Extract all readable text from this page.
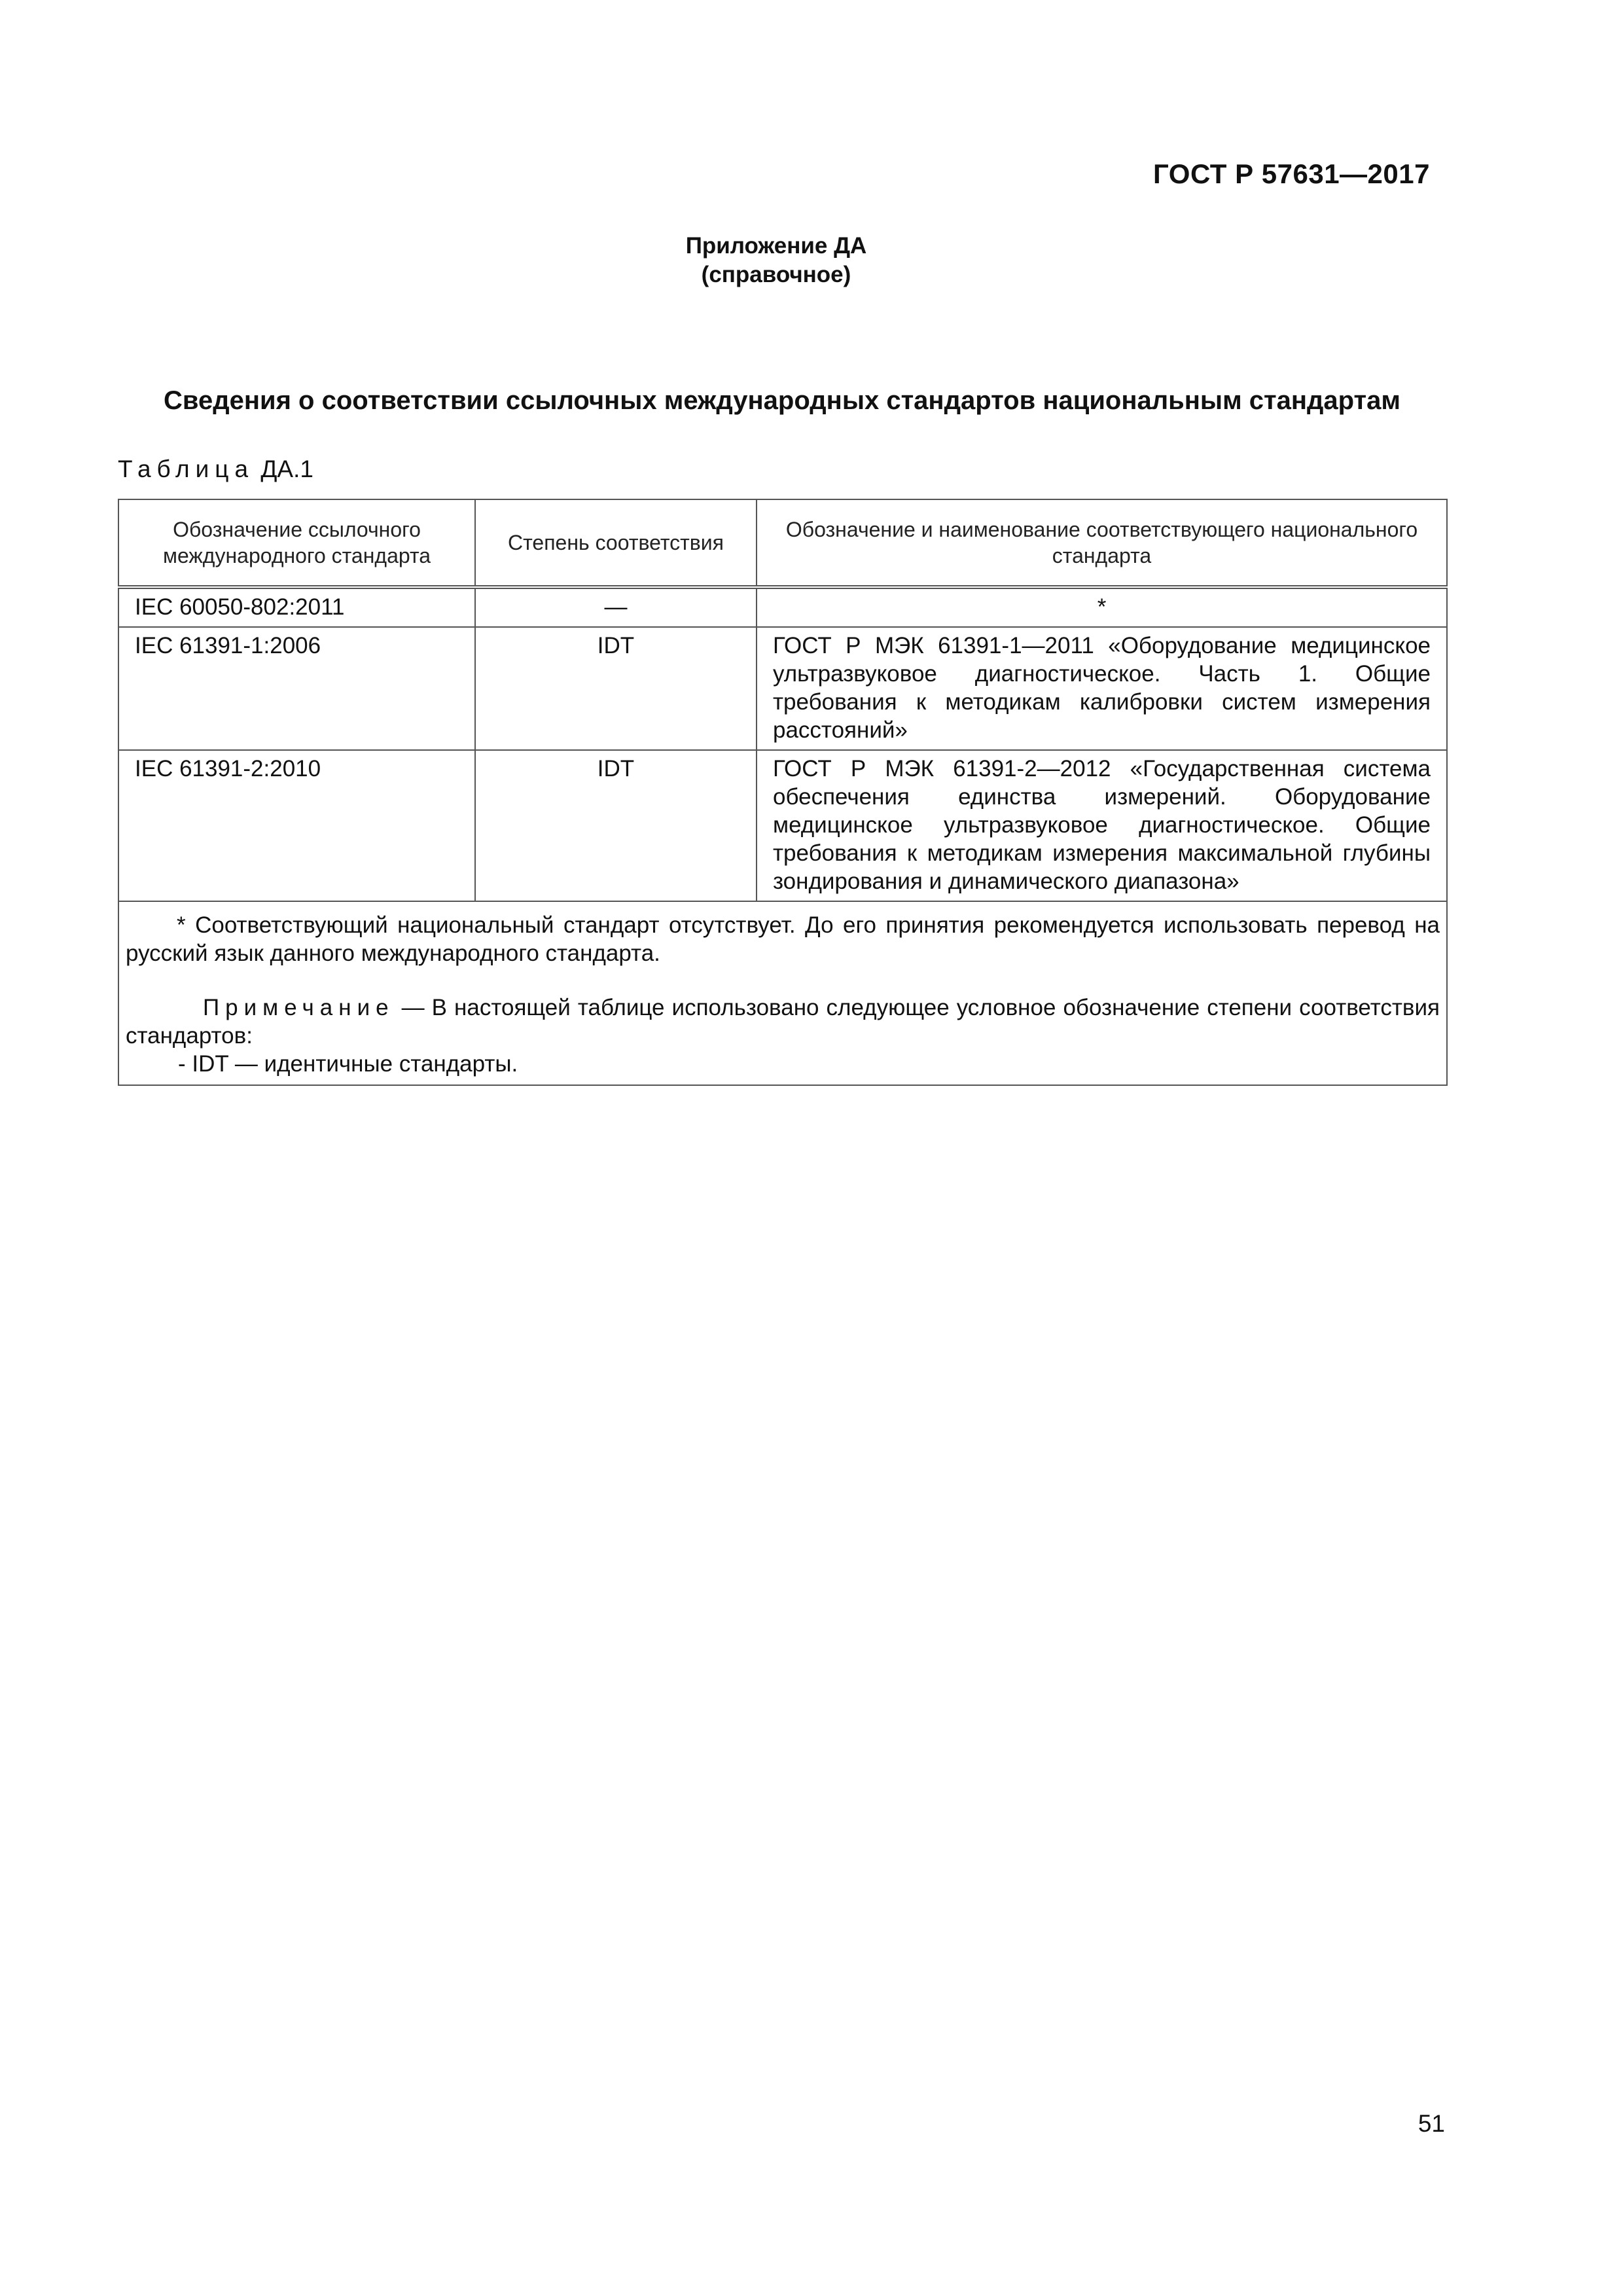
ГОСТ Р 57631—2017
Приложение ДА
(справочное)
Сведения о соответствии ссылочных международных стандартов национальным стандартам
Таблица ДА.1
Обозначение ссылочного международного стандарта	Степень соответствия	Обозначение и наименование соответствующего национального стандарта
IEC 60050-802:2011	—	*
IEC 61391-1:2006	IDT	ГОСТ Р МЭК 61391-1—2011 «Оборудование медицинское ультразвуковое диагностическое. Часть 1. Общие требования к методикам калибровки систем измерения расстояний»
IEC 61391-2:2010	IDT	ГОСТ Р МЭК 61391-2—2012 «Государственная система обеспечения единства измерений. Оборудование медицинское ультразвуковое диагностическое. Общие требования к методикам измерения максимальной глубины зондирования и динамического диапазона»

* Соответствующий национальный стандарт отсутствует. До его принятия рекомендуется использовать перевод на русский язык данного международного стандарта.

Примечание — В настоящей таблице использовано следующее условное обозначение степени соответствия стандартов:

- IDT — идентичные стандарты.		

51
